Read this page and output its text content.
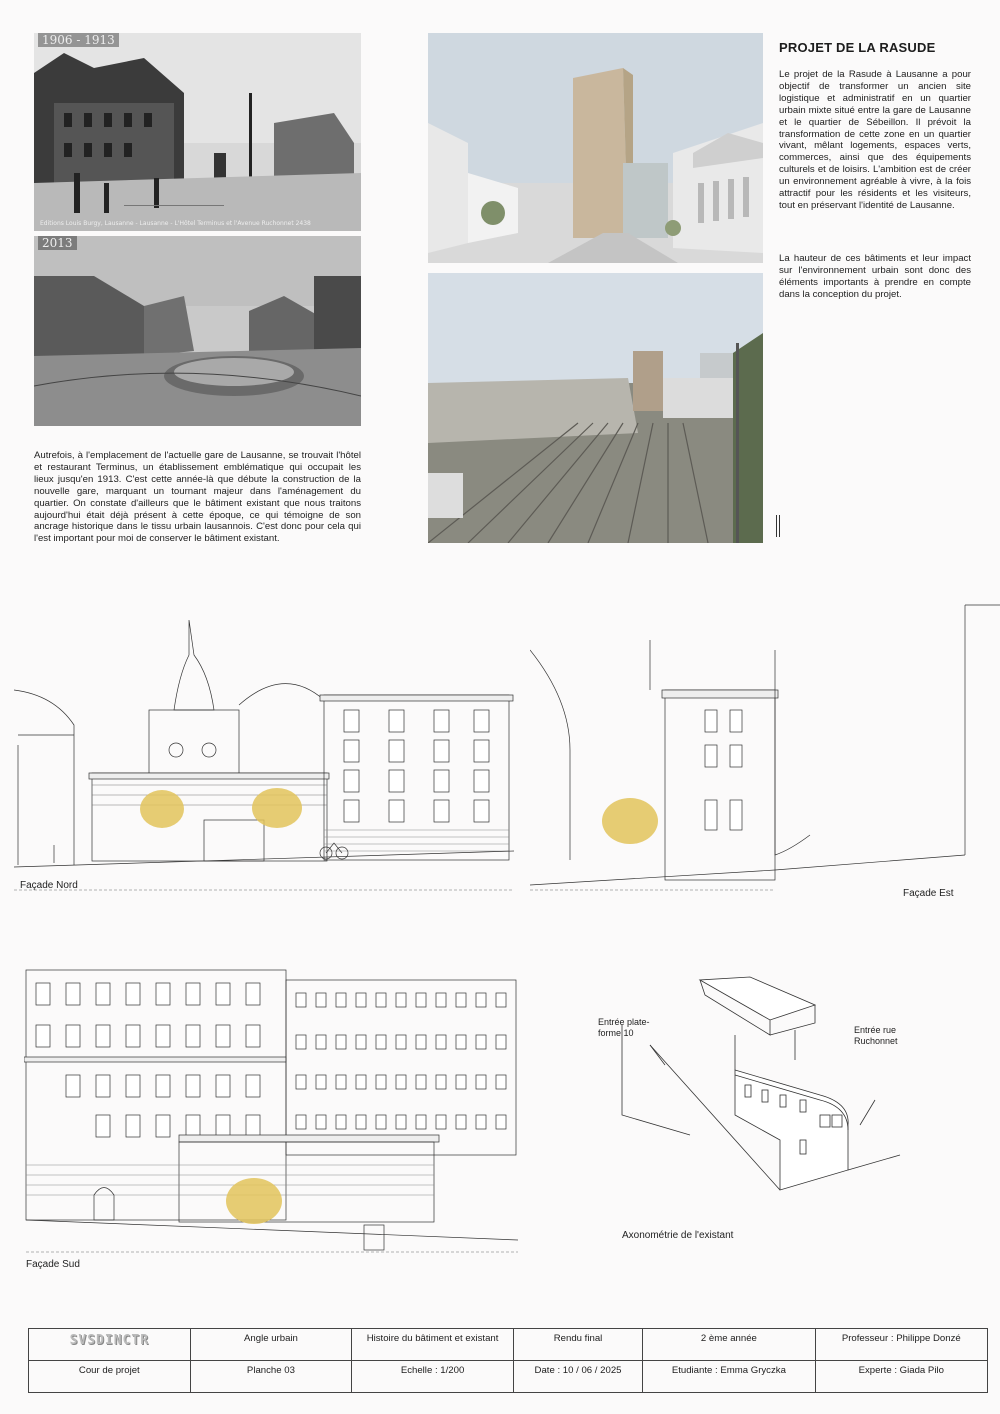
1906 - 1913
Editions Louis Burgy, Lausanne - Lausanne - L'Hôtel Terminus et l'Avenue Ruchonnet 2438
2013
PROJET DE LA RASUDE
Le projet de la Rasude à Lausanne a pour objectif de transformer un ancien site logistique et administratif en un quartier urbain mixte situé entre la gare de Lausanne et le quartier de Sébeillon. Il prévoit la transformation de cette zone en un quartier vivant, mêlant logements, espaces verts, commerces, ainsi que des équipements culturels et de loisirs. L'ambition est de créer un environnement agréable à vivre, à la fois attractif pour les résidents et les visiteurs, tout en préservant l'identité de Lausanne.
La hauteur de ces bâtiments et leur impact sur l'environnement urbain sont donc des éléments importants à prendre en compte dans la conception du projet.
Autrefois, à l'emplacement de l'actuelle gare de Lausanne, se trouvait l'hôtel et restaurant Terminus, un établissement emblématique qui occupait les lieux jusqu'en 1913. C'est cette année-là que débute la construction de la nouvelle gare, marquant un tournant majeur dans l'aménagement du quartier. On constate d'ailleurs que le bâtiment existant que nous traitons aujourd'hui était déjà présent à cette époque, ce qui témoigne de son ancrage historique dans le tissu urbain lausannois. C'est donc pour cela qui l'est important pour moi de conserver le bâtiment existant.
Façade Nord
Façade Est
Façade Sud
Entrée plate-forme 10	Entrée rue Ruchonnet
Axonométrie de l'existant
SVSDINCTR	Angle urbain	Histoire du bâtiment et existant	Rendu final	2 ème année	Professeur : Philippe Donzé
Cour de projet	Planche 03	Echelle : 1/200	Date : 10 / 06 / 2025	Etudiante : Emma Gryczka	Experte : Giada Pilo
